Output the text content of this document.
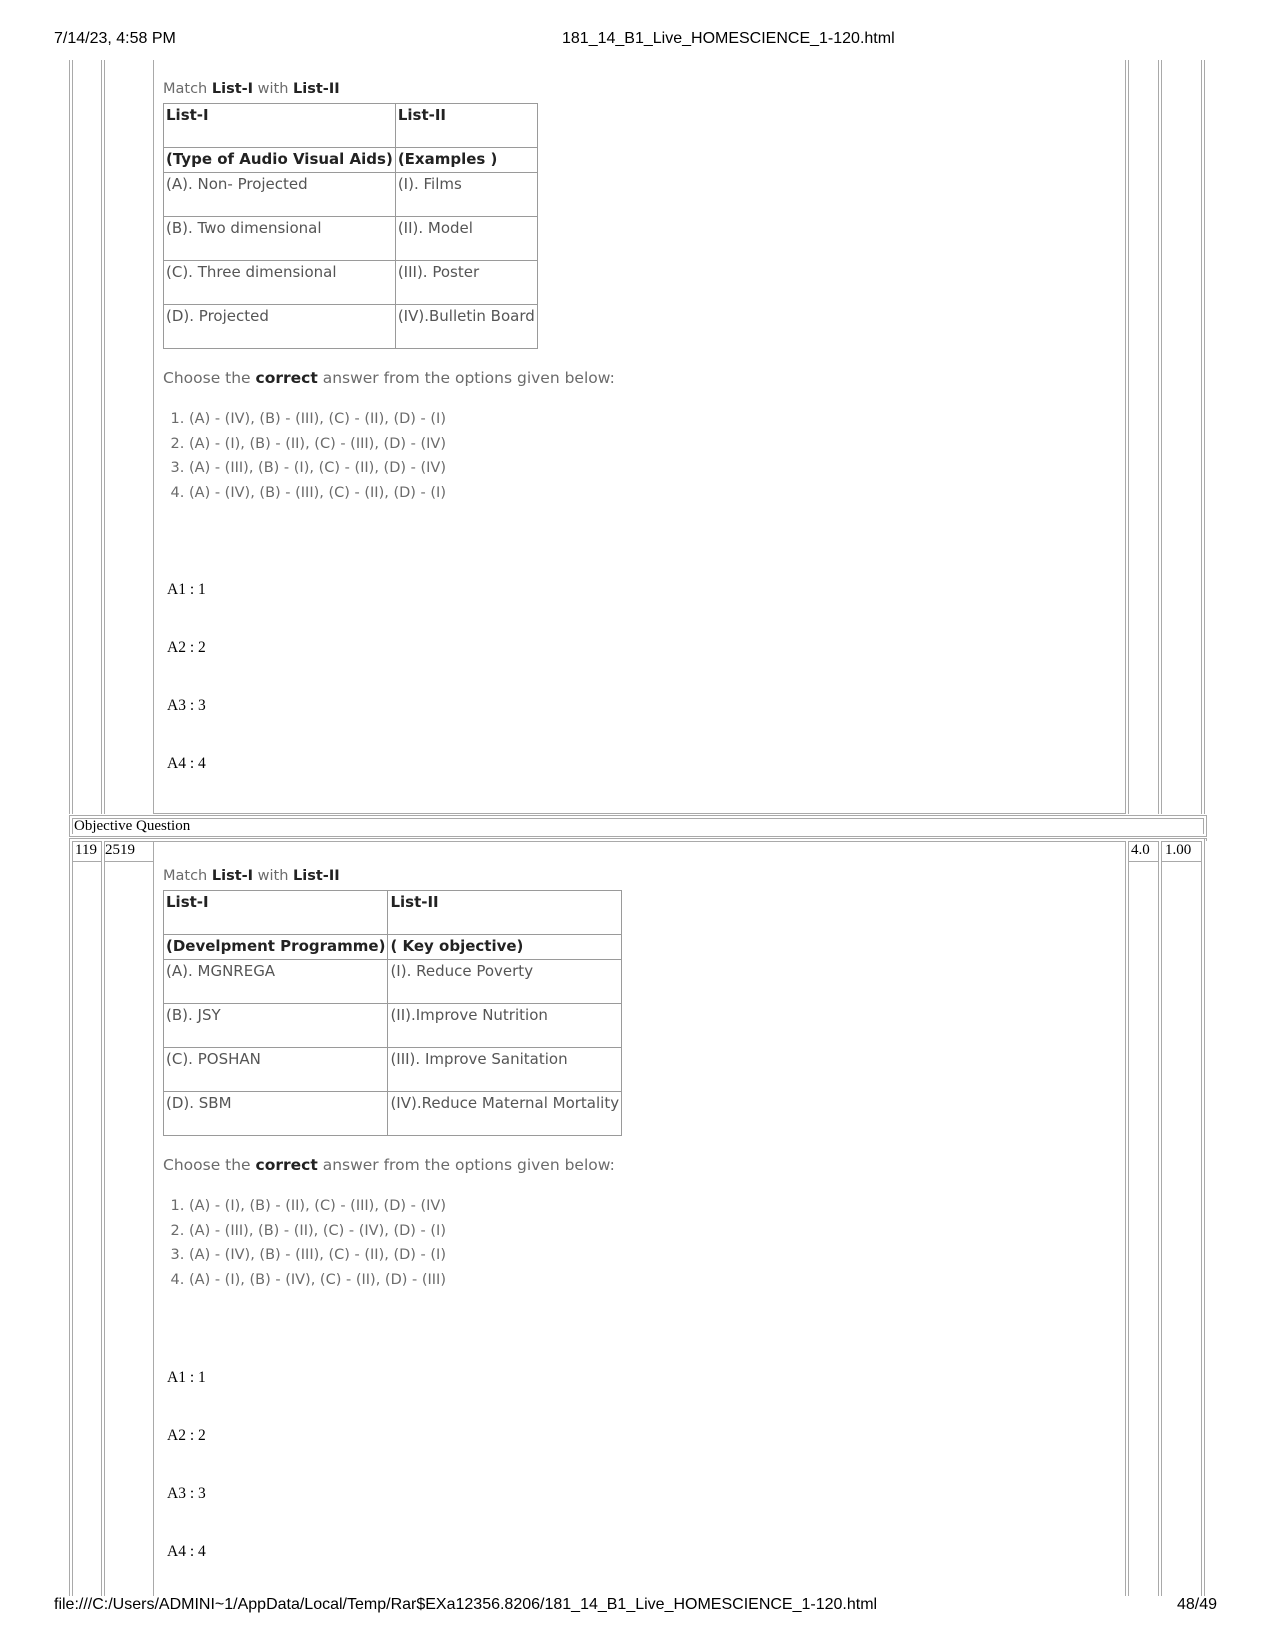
7/14/23, 4:58 PM	181_14_B1_Live_HOMESCIENCE_1-120.html
Match List-I with List-II
List-I	List-II
(Type of Audio Visual Aids)	(Examples )
(A). Non- Projected	(I). Films
(B). Two dimensional	(II). Model
(C). Three dimensional	(III). Poster
(D). Projected	(IV).Bulletin Board
Choose the correct answer from the options given below:
1. (A) - (IV), (B) - (III), (C) - (II), (D) - (I)
2. (A) - (I), (B) - (II), (C) - (III), (D) - (IV)
3. (A) - (III), (B) - (I), (C) - (II), (D) - (IV)
4. (A) - (IV), (B) - (III), (C) - (II), (D) - (I)
A1 : 1
A2 : 2
A3 : 3
A4 : 4
Objective Question
119 2519	4.0 1.00
Match List-I with List-II
List-I	List-II
(Develpment Programme)	( Key objective)
(A). MGNREGA	(I). Reduce Poverty
(B). JSY	(II).Improve Nutrition
(C). POSHAN	(III). Improve Sanitation
(D). SBM	(IV).Reduce Maternal Mortality
Choose the correct answer from the options given below:
1. (A) - (I), (B) - (II), (C) - (III), (D) - (IV)
2. (A) - (III), (B) - (II), (C) - (IV), (D) - (I)
3. (A) - (IV), (B) - (III), (C) - (II), (D) - (I)
4. (A) - (I), (B) - (IV), (C) - (II), (D) - (III)
A1 : 1
A2 : 2
A3 : 3
A4 : 4
file:///C:/Users/ADMINI~1/AppData/Local/Temp/Rar$EXa12356.8206/181_14_B1_Live_HOMESCIENCE_1-120.html	48/49
